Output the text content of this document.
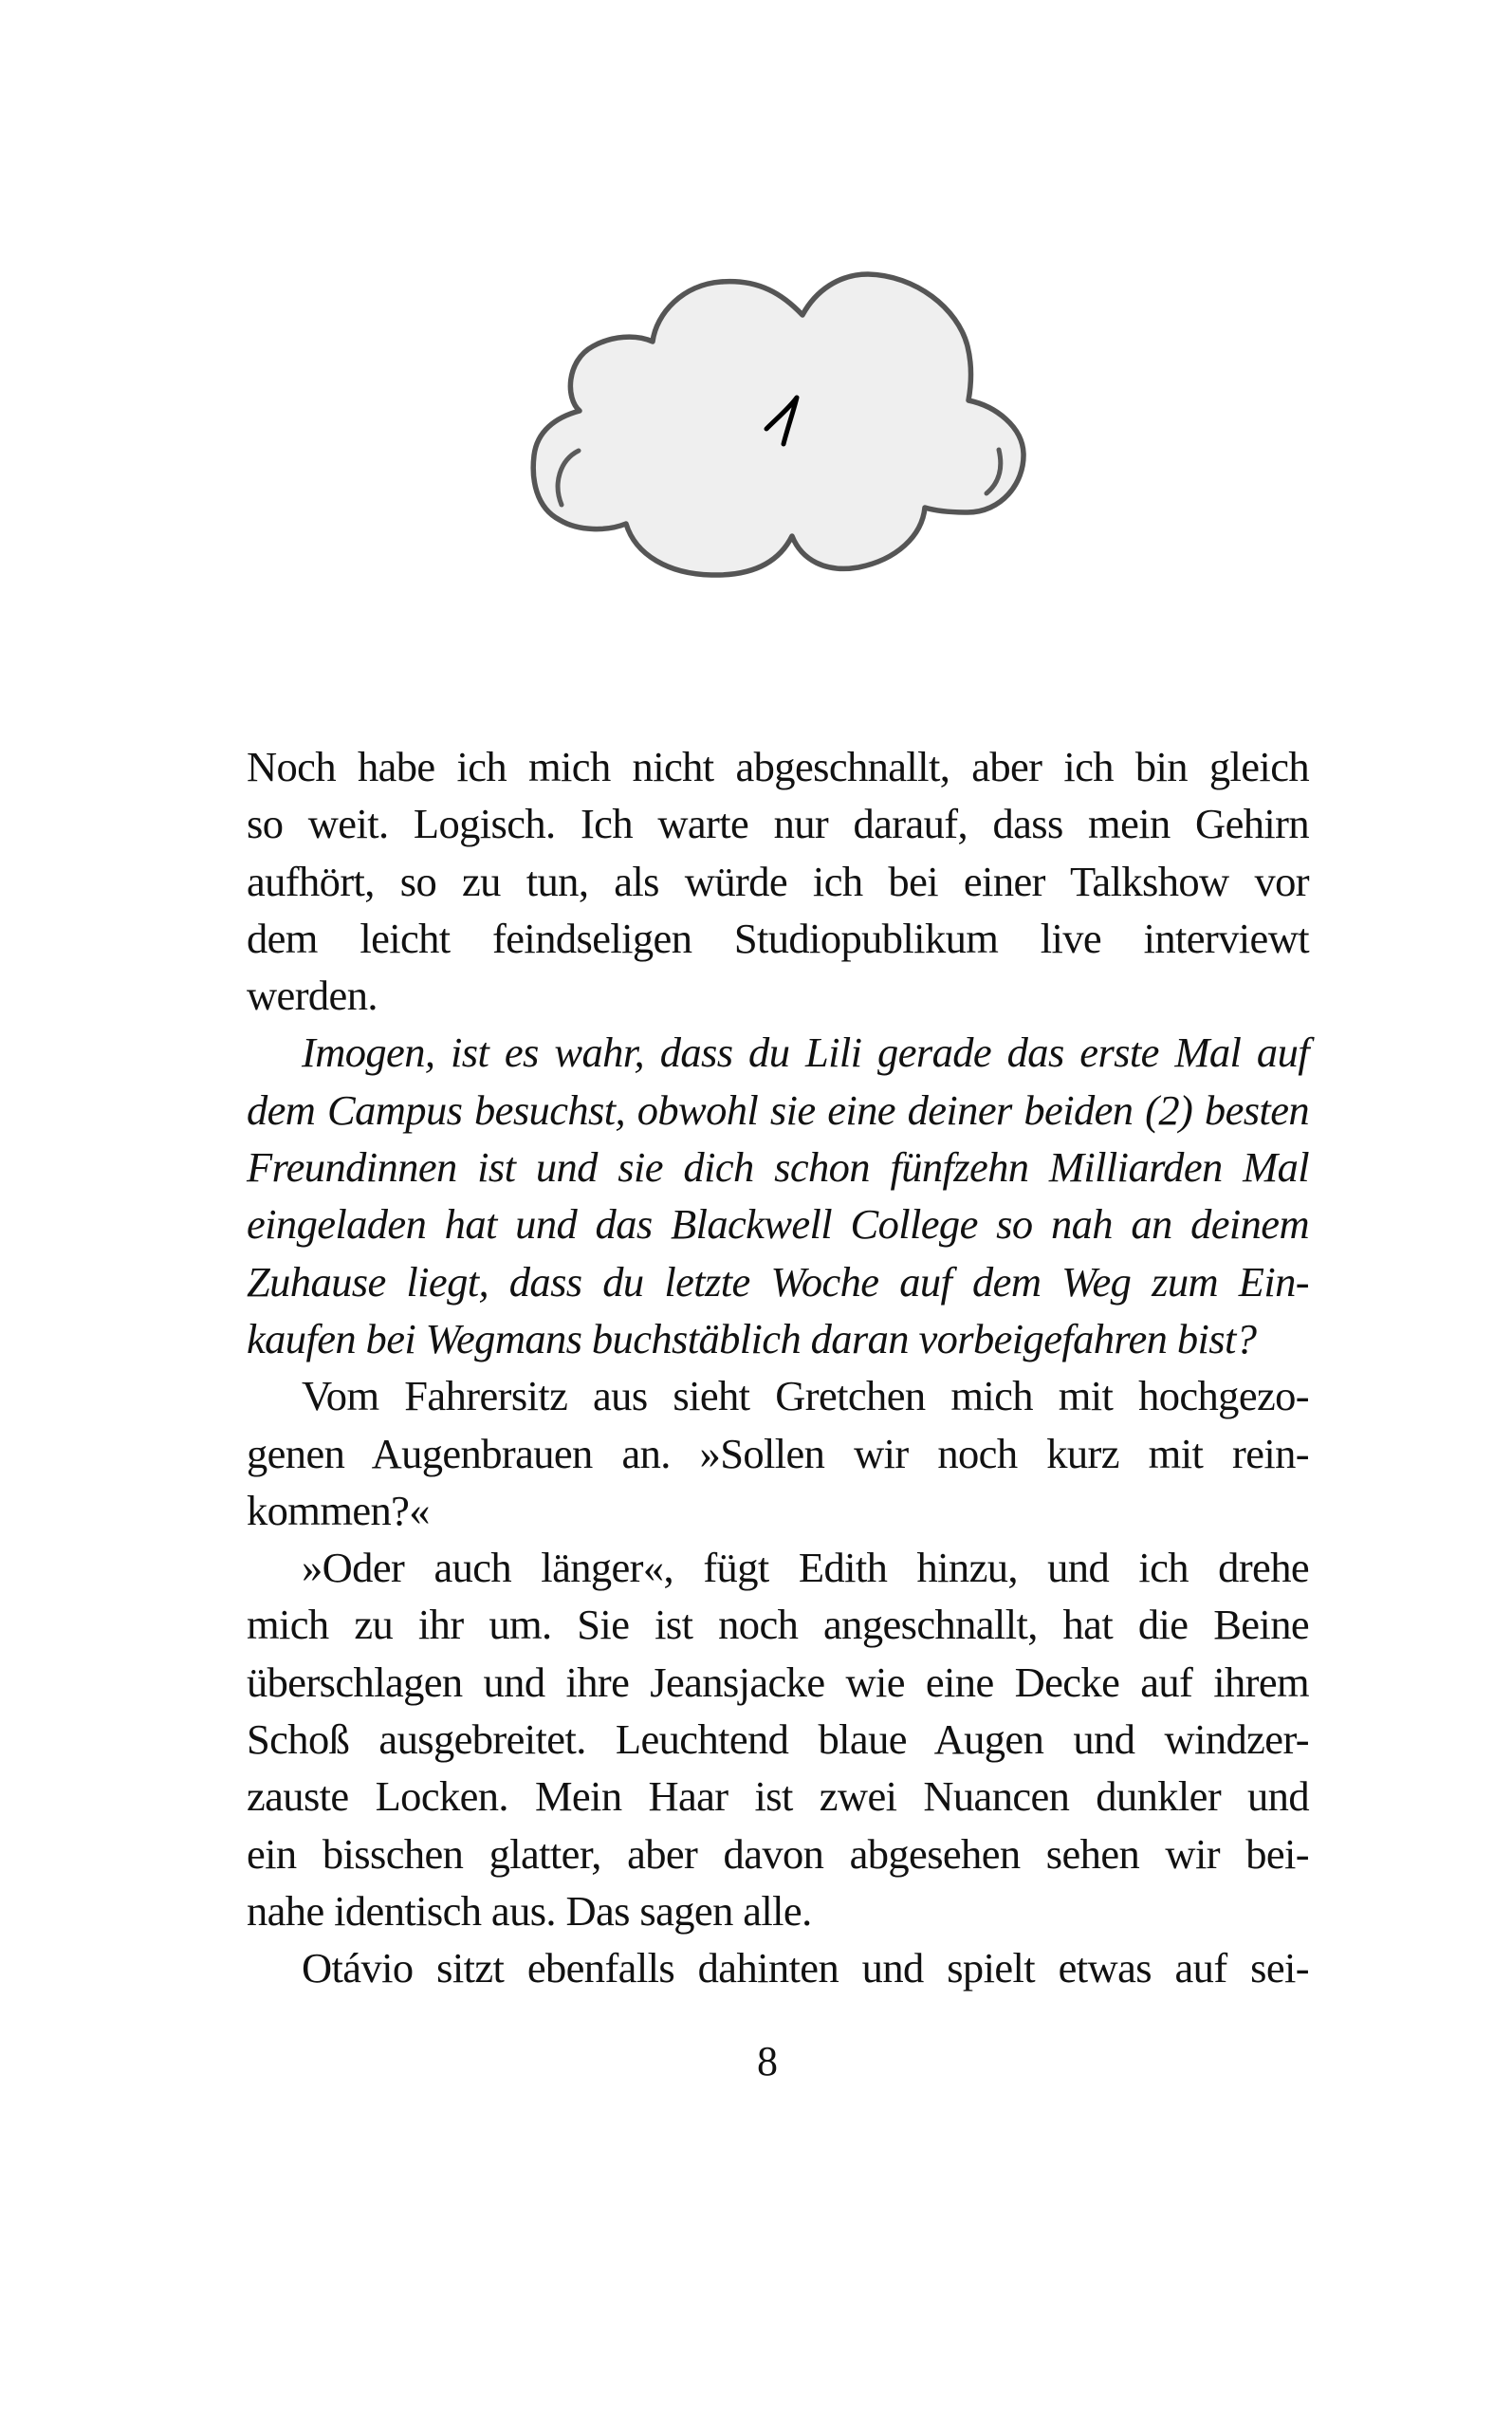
Noch habe ich mich nicht abgeschnallt, aber ich bin gleich
so weit. Logisch. Ich warte nur darauf, dass mein Gehirn
aufhört, so zu tun, als würde ich bei einer Talkshow vor
dem leicht feindseligen Studiopublikum live interviewt
werden.
Imogen, ist es wahr, dass du Lili gerade das erste Mal auf
dem Campus besuchst, obwohl sie eine deiner beiden (2) besten
Freundinnen ist und sie dich schon fünfzehn Milliarden Mal
eingeladen hat und das Blackwell College so nah an deinem
Zuhause liegt, dass du letzte Woche auf dem Weg zum Ein-
kaufen bei Wegmans buchstäblich daran vorbeigefahren bist?
Vom Fahrersitz aus sieht Gretchen mich mit hochgezo-
genen Augenbrauen an. »Sollen wir noch kurz mit rein-
kommen?«
»Oder auch länger«, fügt Edith hinzu, und ich drehe
mich zu ihr um. Sie ist noch angeschnallt, hat die Beine
überschlagen und ihre Jeansjacke wie eine Decke auf ihrem
Schoß ausgebreitet. Leuchtend blaue Augen und windzer-
zauste Locken. Mein Haar ist zwei Nuancen dunkler und
ein bisschen glatter, aber davon abgesehen sehen wir bei-
nahe identisch aus. Das sagen alle.
Otávio sitzt ebenfalls dahinten und spielt etwas auf sei-
8
